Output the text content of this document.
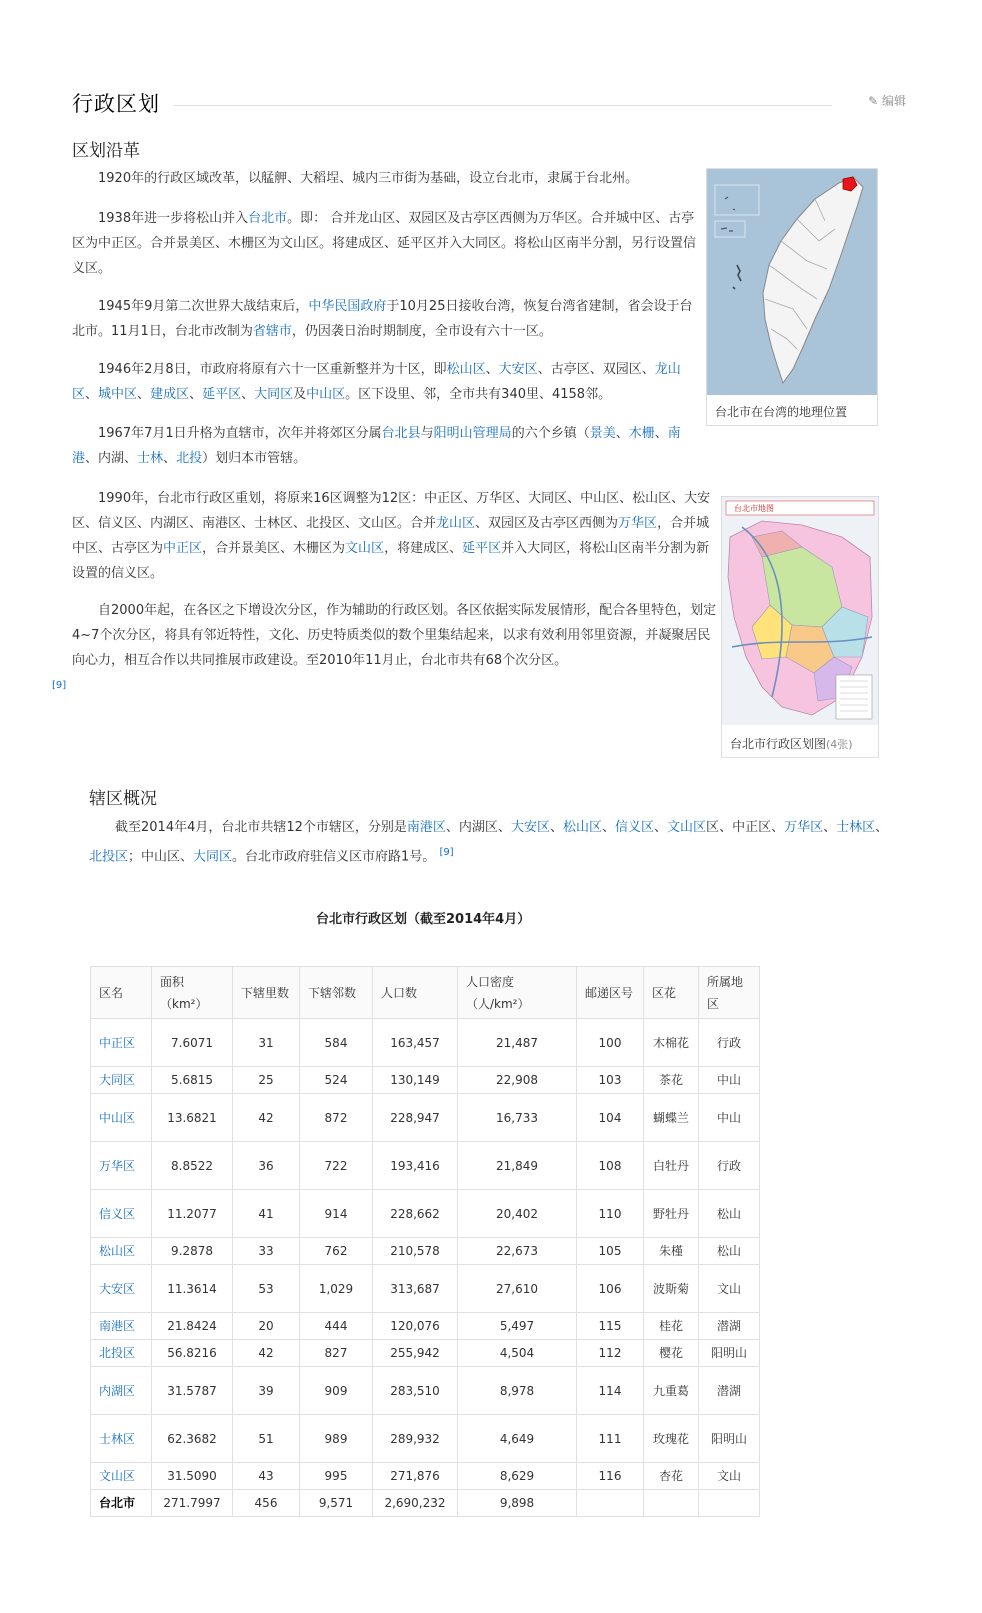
行政区划	✎ 编辑
区划沿革

1920年的行政区域改革，以艋舺、大稻埕、城内三市街为基础，设立台北市，隶属于台北州。

1938年进一步将松山并入台北市。即： 合并龙山区、双园区及古亭区西侧为万华区。合并城中区、古亭区为中正区。合并景美区、木栅区为文山区。将建成区、延平区并入大同区。将松山区南半分割，另行设置信义区。

1945年9月第二次世界大战结束后，中华民国政府于10月25日接收台湾，恢复台湾省建制，省会设于台北市。11月1日，台北市改制为省辖市，仍因袭日治时期制度，全市设有六十一区。

1946年2月8日，市政府将原有六十一区重新整并为十区，即松山区、大安区、古亭区、双园区、龙山区、城中区、建成区、延平区、大同区及中山区。区下设里、邻，全市共有340里、4158邻。

1967年7月1日升格为直辖市，次年并将郊区分属台北县与阳明山管理局的六个乡镇（景美、木栅、南港、内湖、士林、北投）划归本市管辖。

1990年，台北市行政区重划，将原来16区调整为12区：中正区、万华区、大同区、中山区、松山区、大安区、信义区、内湖区、南港区、士林区、北投区、文山区。合并龙山区、双园区及古亭区西侧为万华区，合并城中区、古亭区为中正区，合并景美区、木栅区为文山区，将建成区、延平区并入大同区，将松山区南半分割为新设置的信义区。

自2000年起，在各区之下增设次分区，作为辅助的行政区划。各区依据实际发展情形，配合各里特色，划定4~7个次分区，将具有邻近特性，文化、历史特质类似的数个里集结起来，以求有效利用邻里资源，并凝聚居民向心力，相互合作以共同推展市政建设。至2010年11月止，台北市共有68个次分区。
[9]

台北市在台湾的地理位置
台北市地图
台北市行政区划图(4张)
辖区概况

截至2014年4月，台北市共辖12个市辖区，分别是南港区、内湖区、大安区、松山区、信义区、文山区区、中正区、万华区、士林区、北投区；中山区、大同区。台北市政府驻信义区市府路1号。 [9]

台北市行政区划（截至2014年4月）
区名	面积（km²）	下辖里数	下辖邻数	人口数	人口密度（人/km²）	邮递区号	区花	所属地区
中正区	7.6071	31	584	163,457	21,487	100	木棉花	行政
大同区	5.6815	25	524	130,149	22,908	103	茶花	中山
中山区	13.6821	42	872	228,947	16,733	104	蝴蝶兰	中山
万华区	8.8522	36	722	193,416	21,849	108	白牡丹	行政
信义区	11.2077	41	914	228,662	20,402	110	野牡丹	松山
松山区	9.2878	33	762	210,578	22,673	105	朱槿	松山
大安区	11.3614	53	1,029	313,687	27,610	106	波斯菊	文山
南港区	21.8424	20	444	120,076	5,497	115	桂花	潜湖
北投区	56.8216	42	827	255,942	4,504	112	樱花	阳明山
内湖区	31.5787	39	909	283,510	8,978	114	九重葛	潜湖
士林区	62.3682	51	989	289,932	4,649	111	玫瑰花	阳明山
文山区	31.5090	43	995	271,876	8,629	116	杏花	文山
台北市	271.7997	456	9,571	2,690,232	9,898			
